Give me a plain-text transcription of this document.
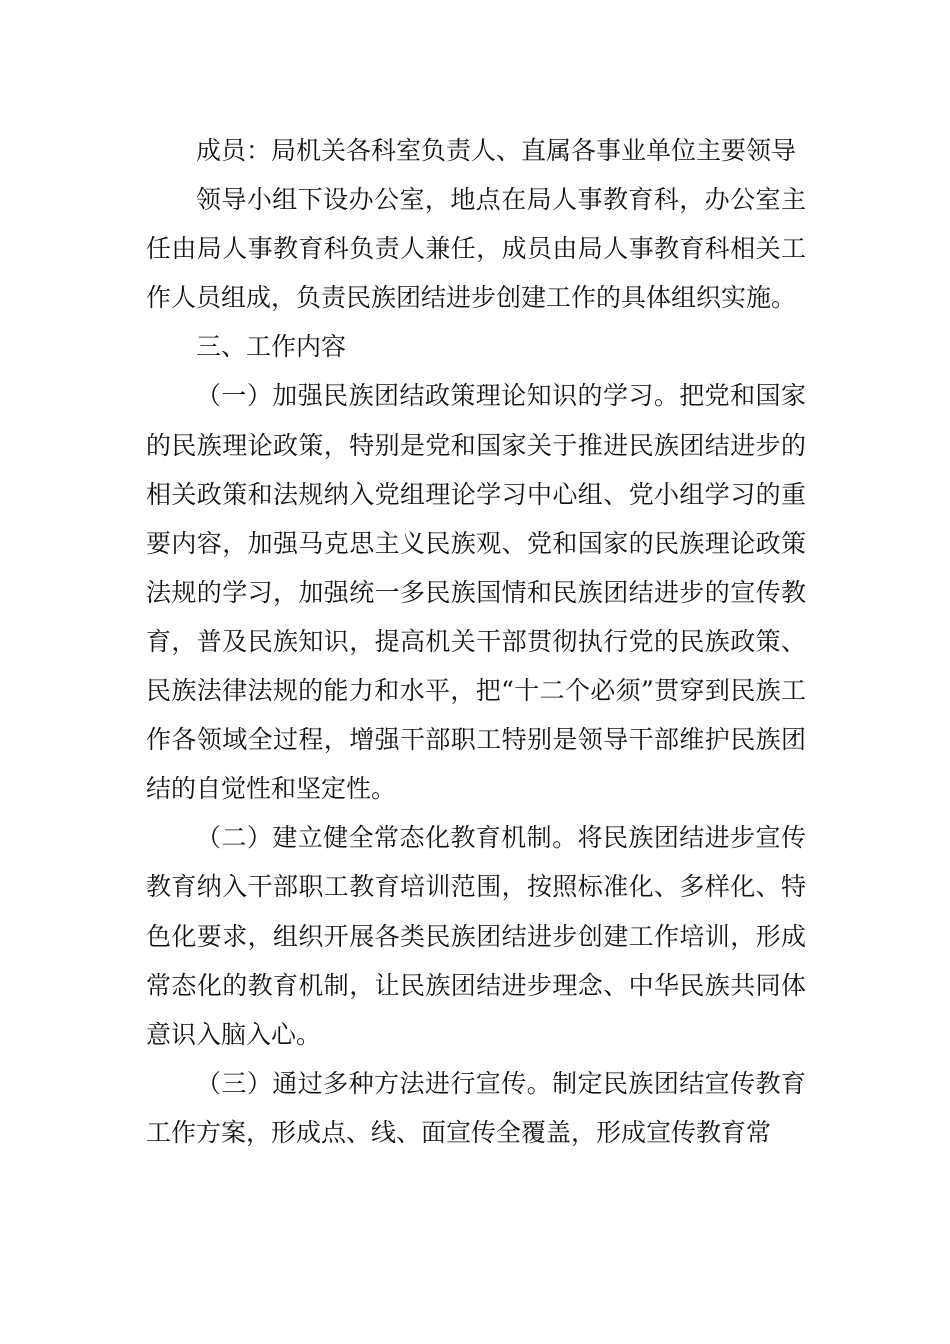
成员：局机关各科室负责人、直属各事业单位主要领导

领导小组下设办公室，地点在局人事教育科，办公室主任由局人事教育科负责人兼任，成员由局人事教育科相关工作人员组成，负责民族团结进步创建工作的具体组织实施。

三、工作内容

（一）加强民族团结政策理论知识的学习。把党和国家的民族理论政策，特别是党和国家关于推进民族团结进步的相关政策和法规纳入党组理论学习中心组、党小组学习的重要内容，加强马克思主义民族观、党和国家的民族理论政策法规的学习，加强统一多民族国情和民族团结进步的宣传教育，普及民族知识，提高机关干部贯彻执行党的民族政策、民族法律法规的能力和水平，把“十二个必须”贯穿到民族工作各领域全过程，增强干部职工特别是领导干部维护民族团结的自觉性和坚定性。

（二）建立健全常态化教育机制。将民族团结进步宣传教育纳入干部职工教育培训范围，按照标准化、多样化、特色化要求，组织开展各类民族团结进步创建工作培训，形成常态化的教育机制，让民族团结进步理念、中华民族共同体意识入脑入心。

（三）通过多种方法进行宣传。制定民族团结宣传教育工作方案，形成点、线、面宣传全覆盖，形成宣传教育常
